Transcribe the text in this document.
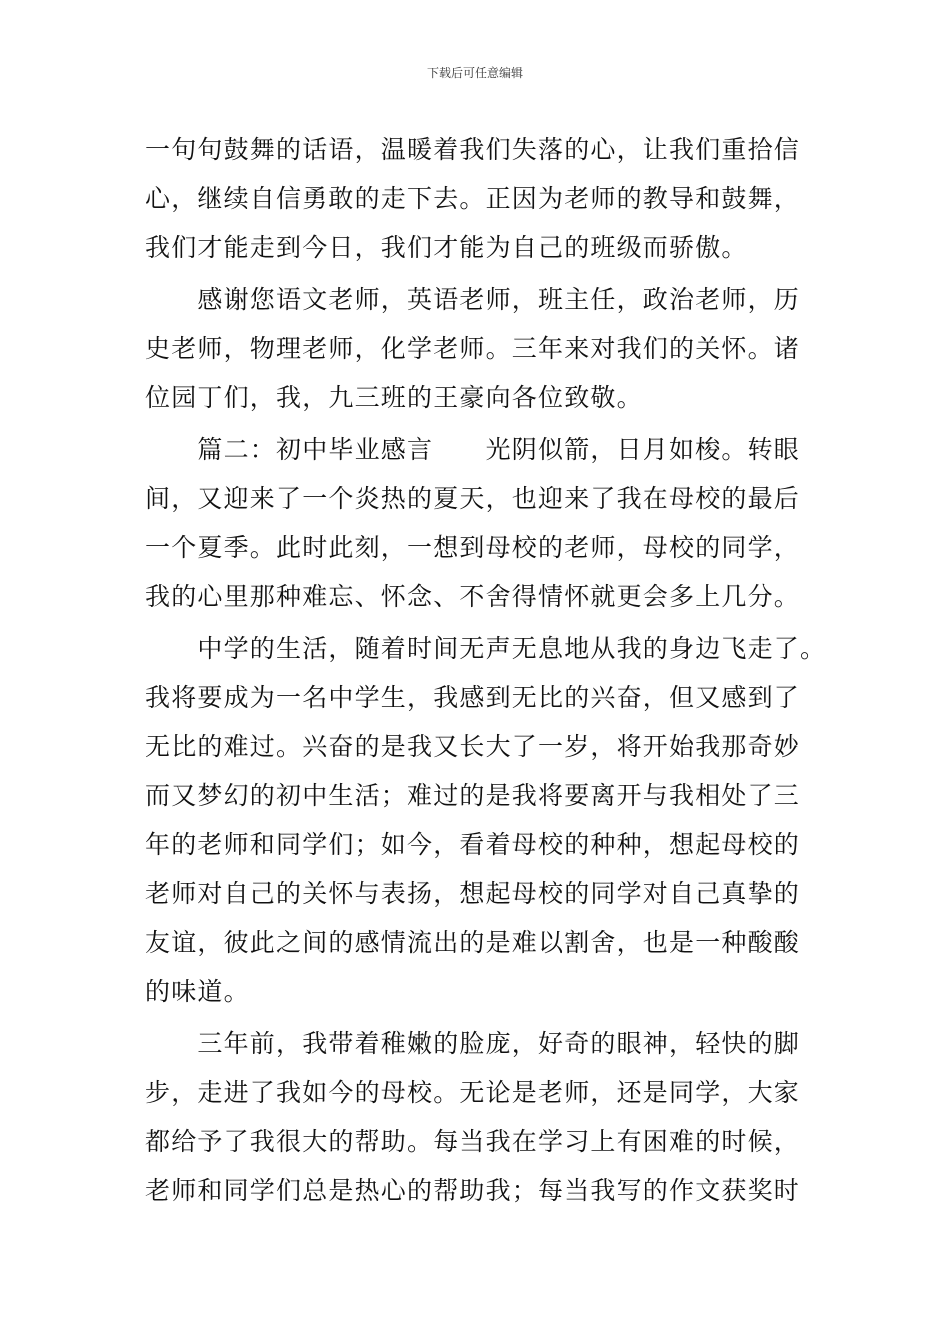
下载后可任意编辑
一句句鼓舞的话语，温暖着我们失落的心，让我们重拾信
心，继续自信勇敢的走下去。正因为老师的教导和鼓舞，
我们才能走到今日，我们才能为自己的班级而骄傲。
　　感谢您语文老师，英语老师，班主任，政治老师，历
史老师，物理老师，化学老师。三年来对我们的关怀。诸
位园丁们，我，九三班的王豪向各位致敬。
　　篇二：初中毕业感言　　光阴似箭，日月如梭。转眼
间，又迎来了一个炎热的夏天，也迎来了我在母校的最后
一个夏季。此时此刻，一想到母校的老师，母校的同学，
我的心里那种难忘、怀念、不舍得情怀就更会多上几分。
　　中学的生活，随着时间无声无息地从我的身边飞走了。
我将要成为一名中学生，我感到无比的兴奋，但又感到了
无比的难过。兴奋的是我又长大了一岁，将开始我那奇妙
而又梦幻的初中生活；难过的是我将要离开与我相处了三
年的老师和同学们；如今，看着母校的种种，想起母校的
老师对自己的关怀与表扬，想起母校的同学对自己真挚的
友谊，彼此之间的感情流出的是难以割舍，也是一种酸酸
的味道。
　　三年前，我带着稚嫩的脸庞，好奇的眼神，轻快的脚
步，走进了我如今的母校。无论是老师，还是同学，大家
都给予了我很大的帮助。每当我在学习上有困难的时候，
老师和同学们总是热心的帮助我；每当我写的作文获奖时
